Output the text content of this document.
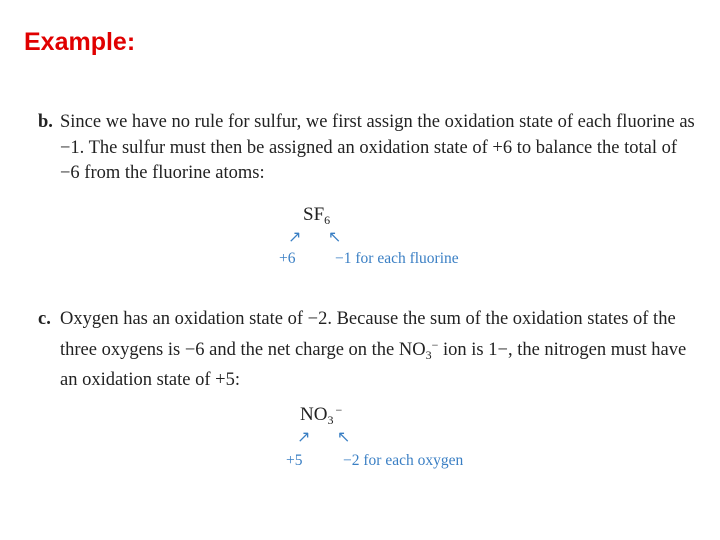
Example:
b. Since we have no rule for sulfur, we first assign the oxidation state of each fluorine as
−1. The sulfur must then be assigned an oxidation state of +6 to balance the total of
−6 from the fluorine atoms:
$SF_6$
↗ ↖
+6	−1 for each fluorine
c. Oxygen has an oxidation state of −2. Because the sum of the oxidation states of the
three oxygens is −6 and the net charge on the $NO_3^-$ ion is 1−, the nitrogen must have
an oxidation state of +5:
$NO_3^-$
↗ ↖
+5	−2 for each oxygen
